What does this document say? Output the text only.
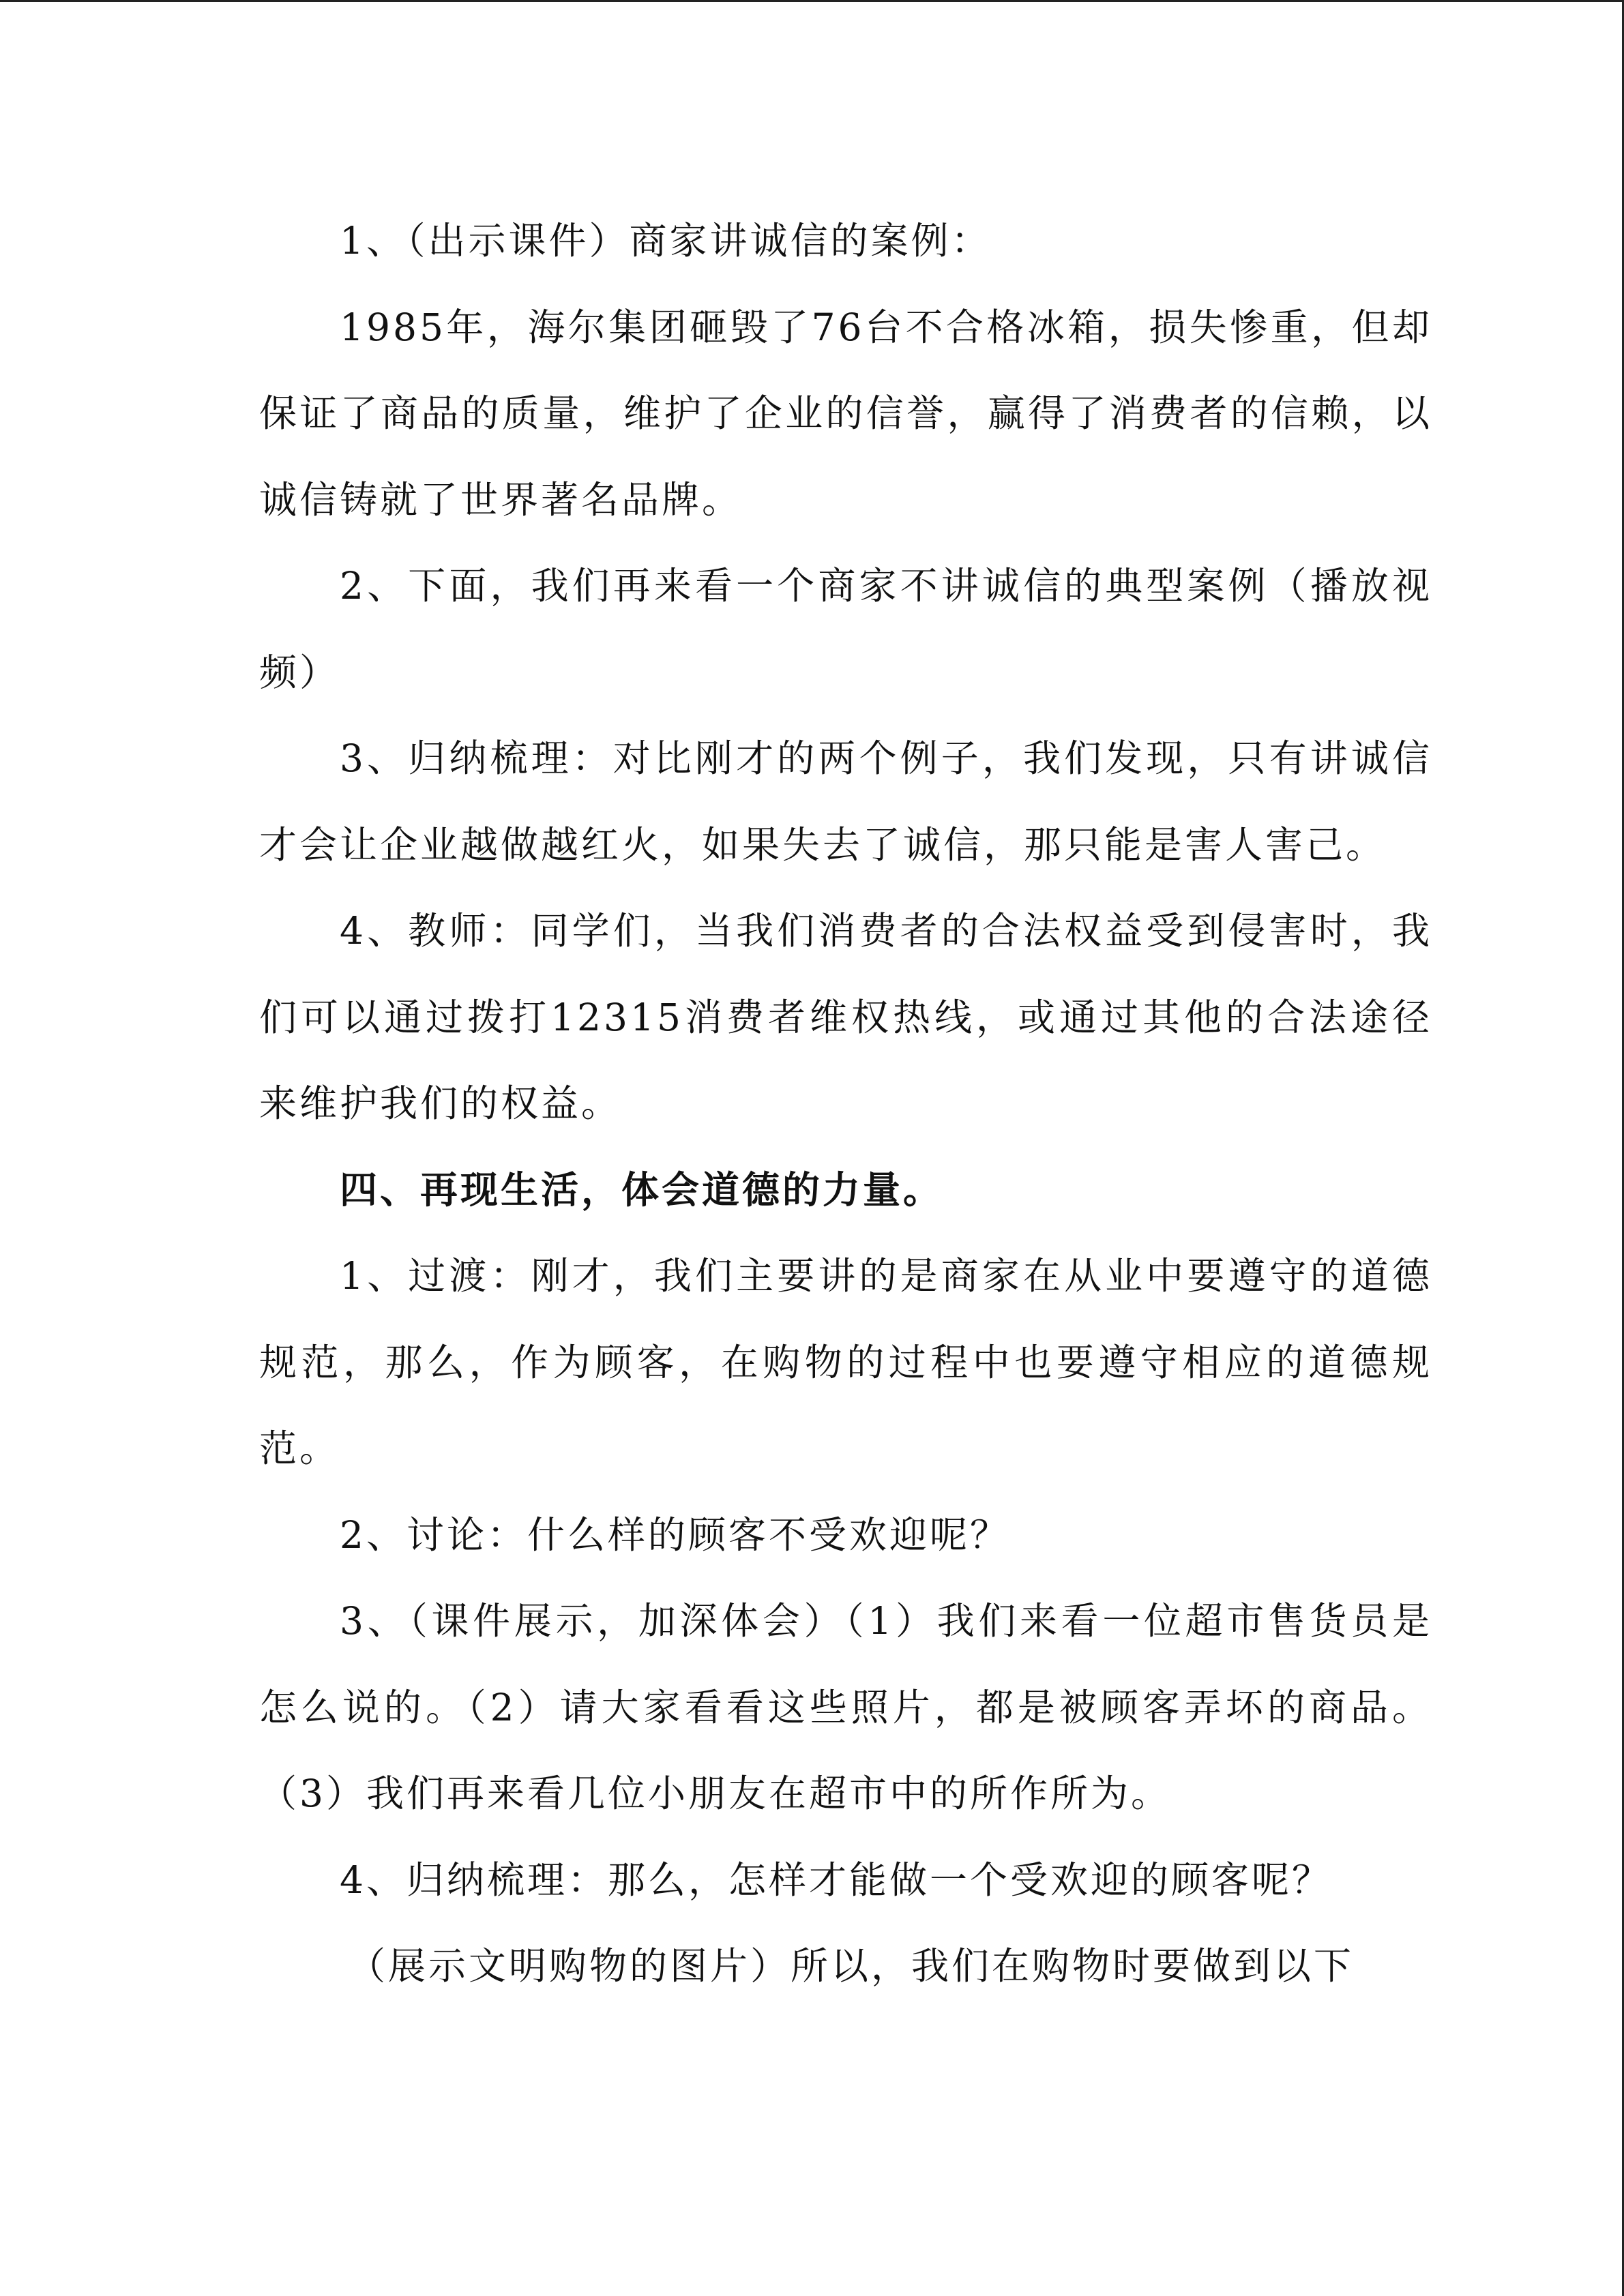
1、（出示课件）商家讲诚信的案例：

1985年，海尔集团砸毁了76台不合格冰箱，损失惨重，但却保证了商品的质量，维护了企业的信誉，赢得了消费者的信赖，以诚信铸就了世界著名品牌。

2、下面，我们再来看一个商家不讲诚信的典型案例（播放视频）

3、归纳梳理：对比刚才的两个例子，我们发现，只有讲诚信才会让企业越做越红火，如果失去了诚信，那只能是害人害己。

4、教师：同学们，当我们消费者的合法权益受到侵害时，我们可以通过拨打12315消费者维权热线，或通过其他的合法途径来维护我们的权益。

四、再现生活，体会道德的力量。

1、过渡：刚才，我们主要讲的是商家在从业中要遵守的道德规范，那么，作为顾客，在购物的过程中也要遵守相应的道德规范。

2、讨论：什么样的顾客不受欢迎呢？

3、（课件展示，加深体会）（1）我们来看一位超市售货员是怎么说的。（2）请大家看看这些照片，都是被顾客弄坏的商品。（3）我们再来看几位小朋友在超市中的所作所为。

4、归纳梳理：那么，怎样才能做一个受欢迎的顾客呢？

（展示文明购物的图片）所以，我们在购物时要做到以下
